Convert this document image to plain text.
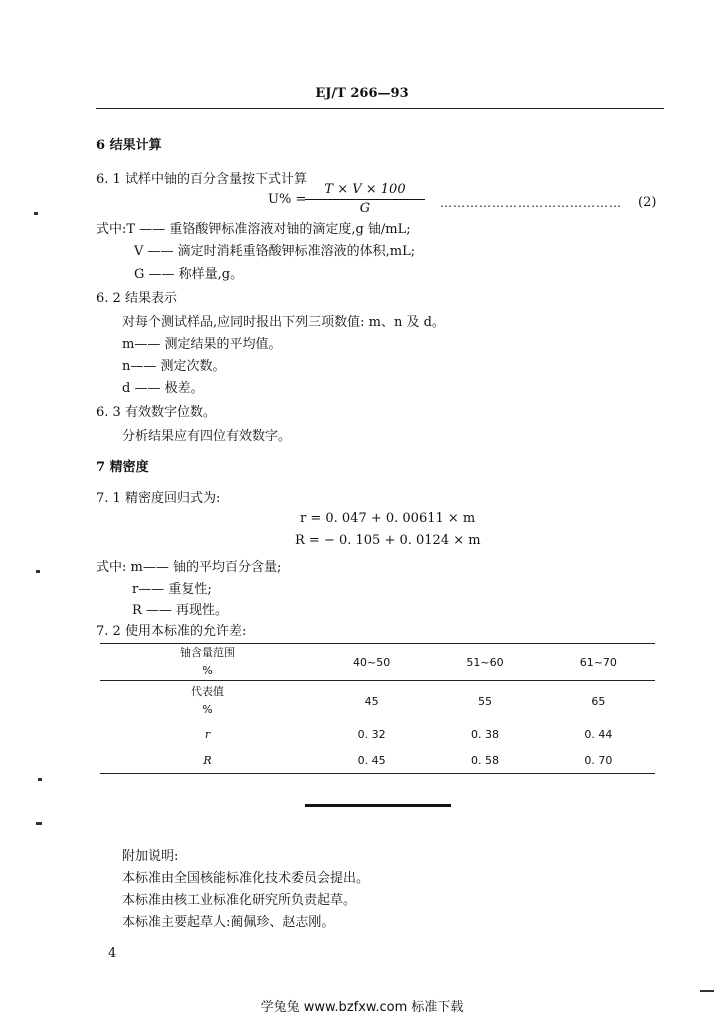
EJ/T 266—93
6 结果计算
6. 1 试样中铀的百分含量按下式计算
U% =
T × V × 100
G	…………………………………… (2)
式中:T —— 重铬酸钾标准溶液对铀的滴定度,g 铀/mL;
V —— 滴定时消耗重铬酸钾标准溶液的体积,mL;
G —— 称样量,g。
6. 2 结果表示
对每个测试样品,应同时报出下列三项数值: m、n 及 d。
m—— 测定结果的平均值。
n—— 测定次数。
d —— 极差。
6. 3 有效数字位数。
分析结果应有四位有效数字。
7 精密度
7. 1 精密度回归式为:
r = 0. 047 + 0. 00611 × m
R = − 0. 105 + 0. 0124 × m
式中: m—— 铀的平均百分含量;
r—— 重复性;
R —— 再现性。
7. 2 使用本标准的允许差:
铀含量范围
%	40~50	51~60	61~70

代表值
%	45	55	65
r	0. 32	0. 38	0. 44
R	0. 45	0. 58	0. 70
附加说明:
本标准由全国核能标准化技术委员会提出。
本标准由核工业标准化研究所负责起草。
本标准主要起草人:蔺佩珍、赵志刚。
4
学兔兔 www.bzfxw.com 标准下载
